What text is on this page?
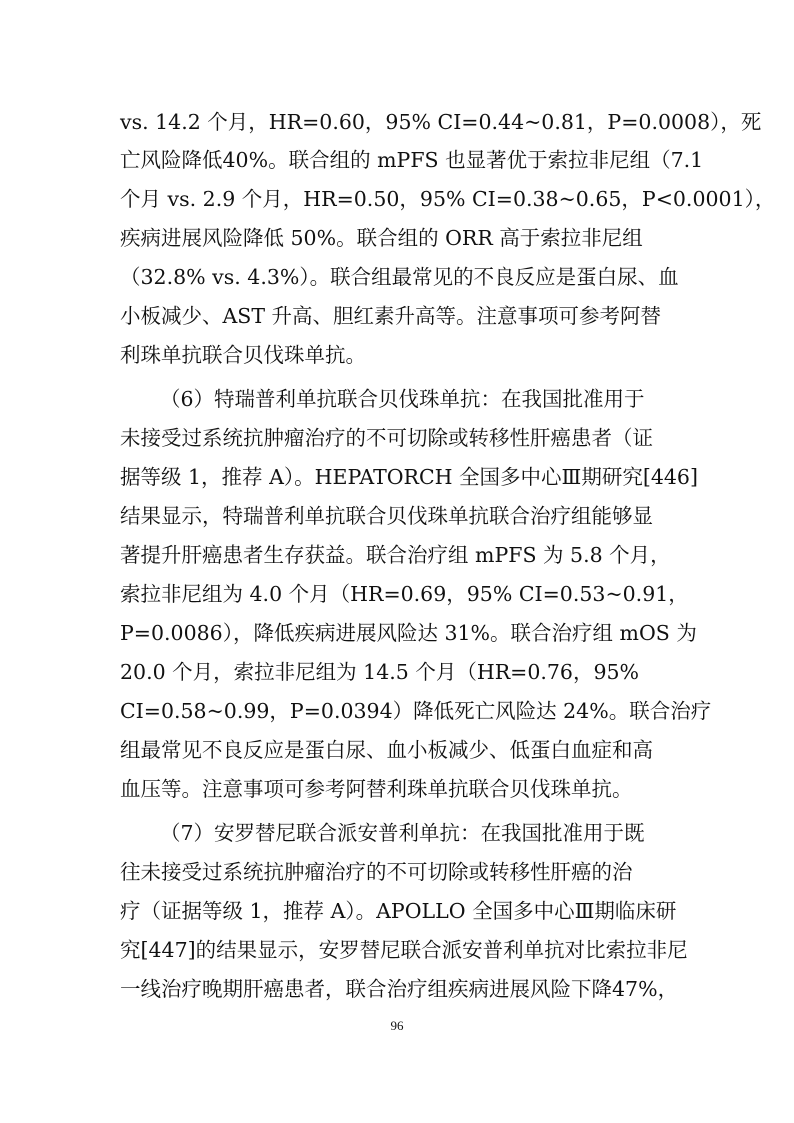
vs. 14.2 个月，HR=0.60，95% CI=0.44~0.81，P=0.0008），死
亡风险降低40%。联合组的 mPFS 也显著优于索拉非尼组（7.1
个月 vs. 2.9 个月，HR=0.50，95% CI=0.38~0.65，P<0.0001），
疾病进展风险降低 50%。联合组的 ORR 高于索拉非尼组
（32.8% vs. 4.3%）。联合组最常见的不良反应是蛋白尿、血
小板减少、AST 升高、胆红素升高等。注意事项可参考阿替
利珠单抗联合贝伐珠单抗。
（6）特瑞普利单抗联合贝伐珠单抗：在我国批准用于
未接受过系统抗肿瘤治疗的不可切除或转移性肝癌患者（证
据等级 1，推荐 A）。HEPATORCH 全国多中心Ⅲ期研究[446]
结果显示，特瑞普利单抗联合贝伐珠单抗联合治疗组能够显
著提升肝癌患者生存获益。联合治疗组 mPFS 为 5.8 个月，
索拉非尼组为 4.0 个月（HR=0.69，95% CI=0.53~0.91，
P=0.0086），降低疾病进展风险达 31%。联合治疗组 mOS 为
20.0 个月，索拉非尼组为 14.5 个月（HR=0.76，95%
CI=0.58~0.99，P=0.0394）降低死亡风险达 24%。联合治疗
组最常见不良反应是蛋白尿、血小板减少、低蛋白血症和高
血压等。注意事项可参考阿替利珠单抗联合贝伐珠单抗。
（7）安罗替尼联合派安普利单抗：在我国批准用于既
往未接受过系统抗肿瘤治疗的不可切除或转移性肝癌的治
疗（证据等级 1，推荐 A）。APOLLO 全国多中心Ⅲ期临床研
究[447]的结果显示，安罗替尼联合派安普利单抗对比索拉非尼
一线治疗晚期肝癌患者，联合治疗组疾病进展风险下降47%，
96
